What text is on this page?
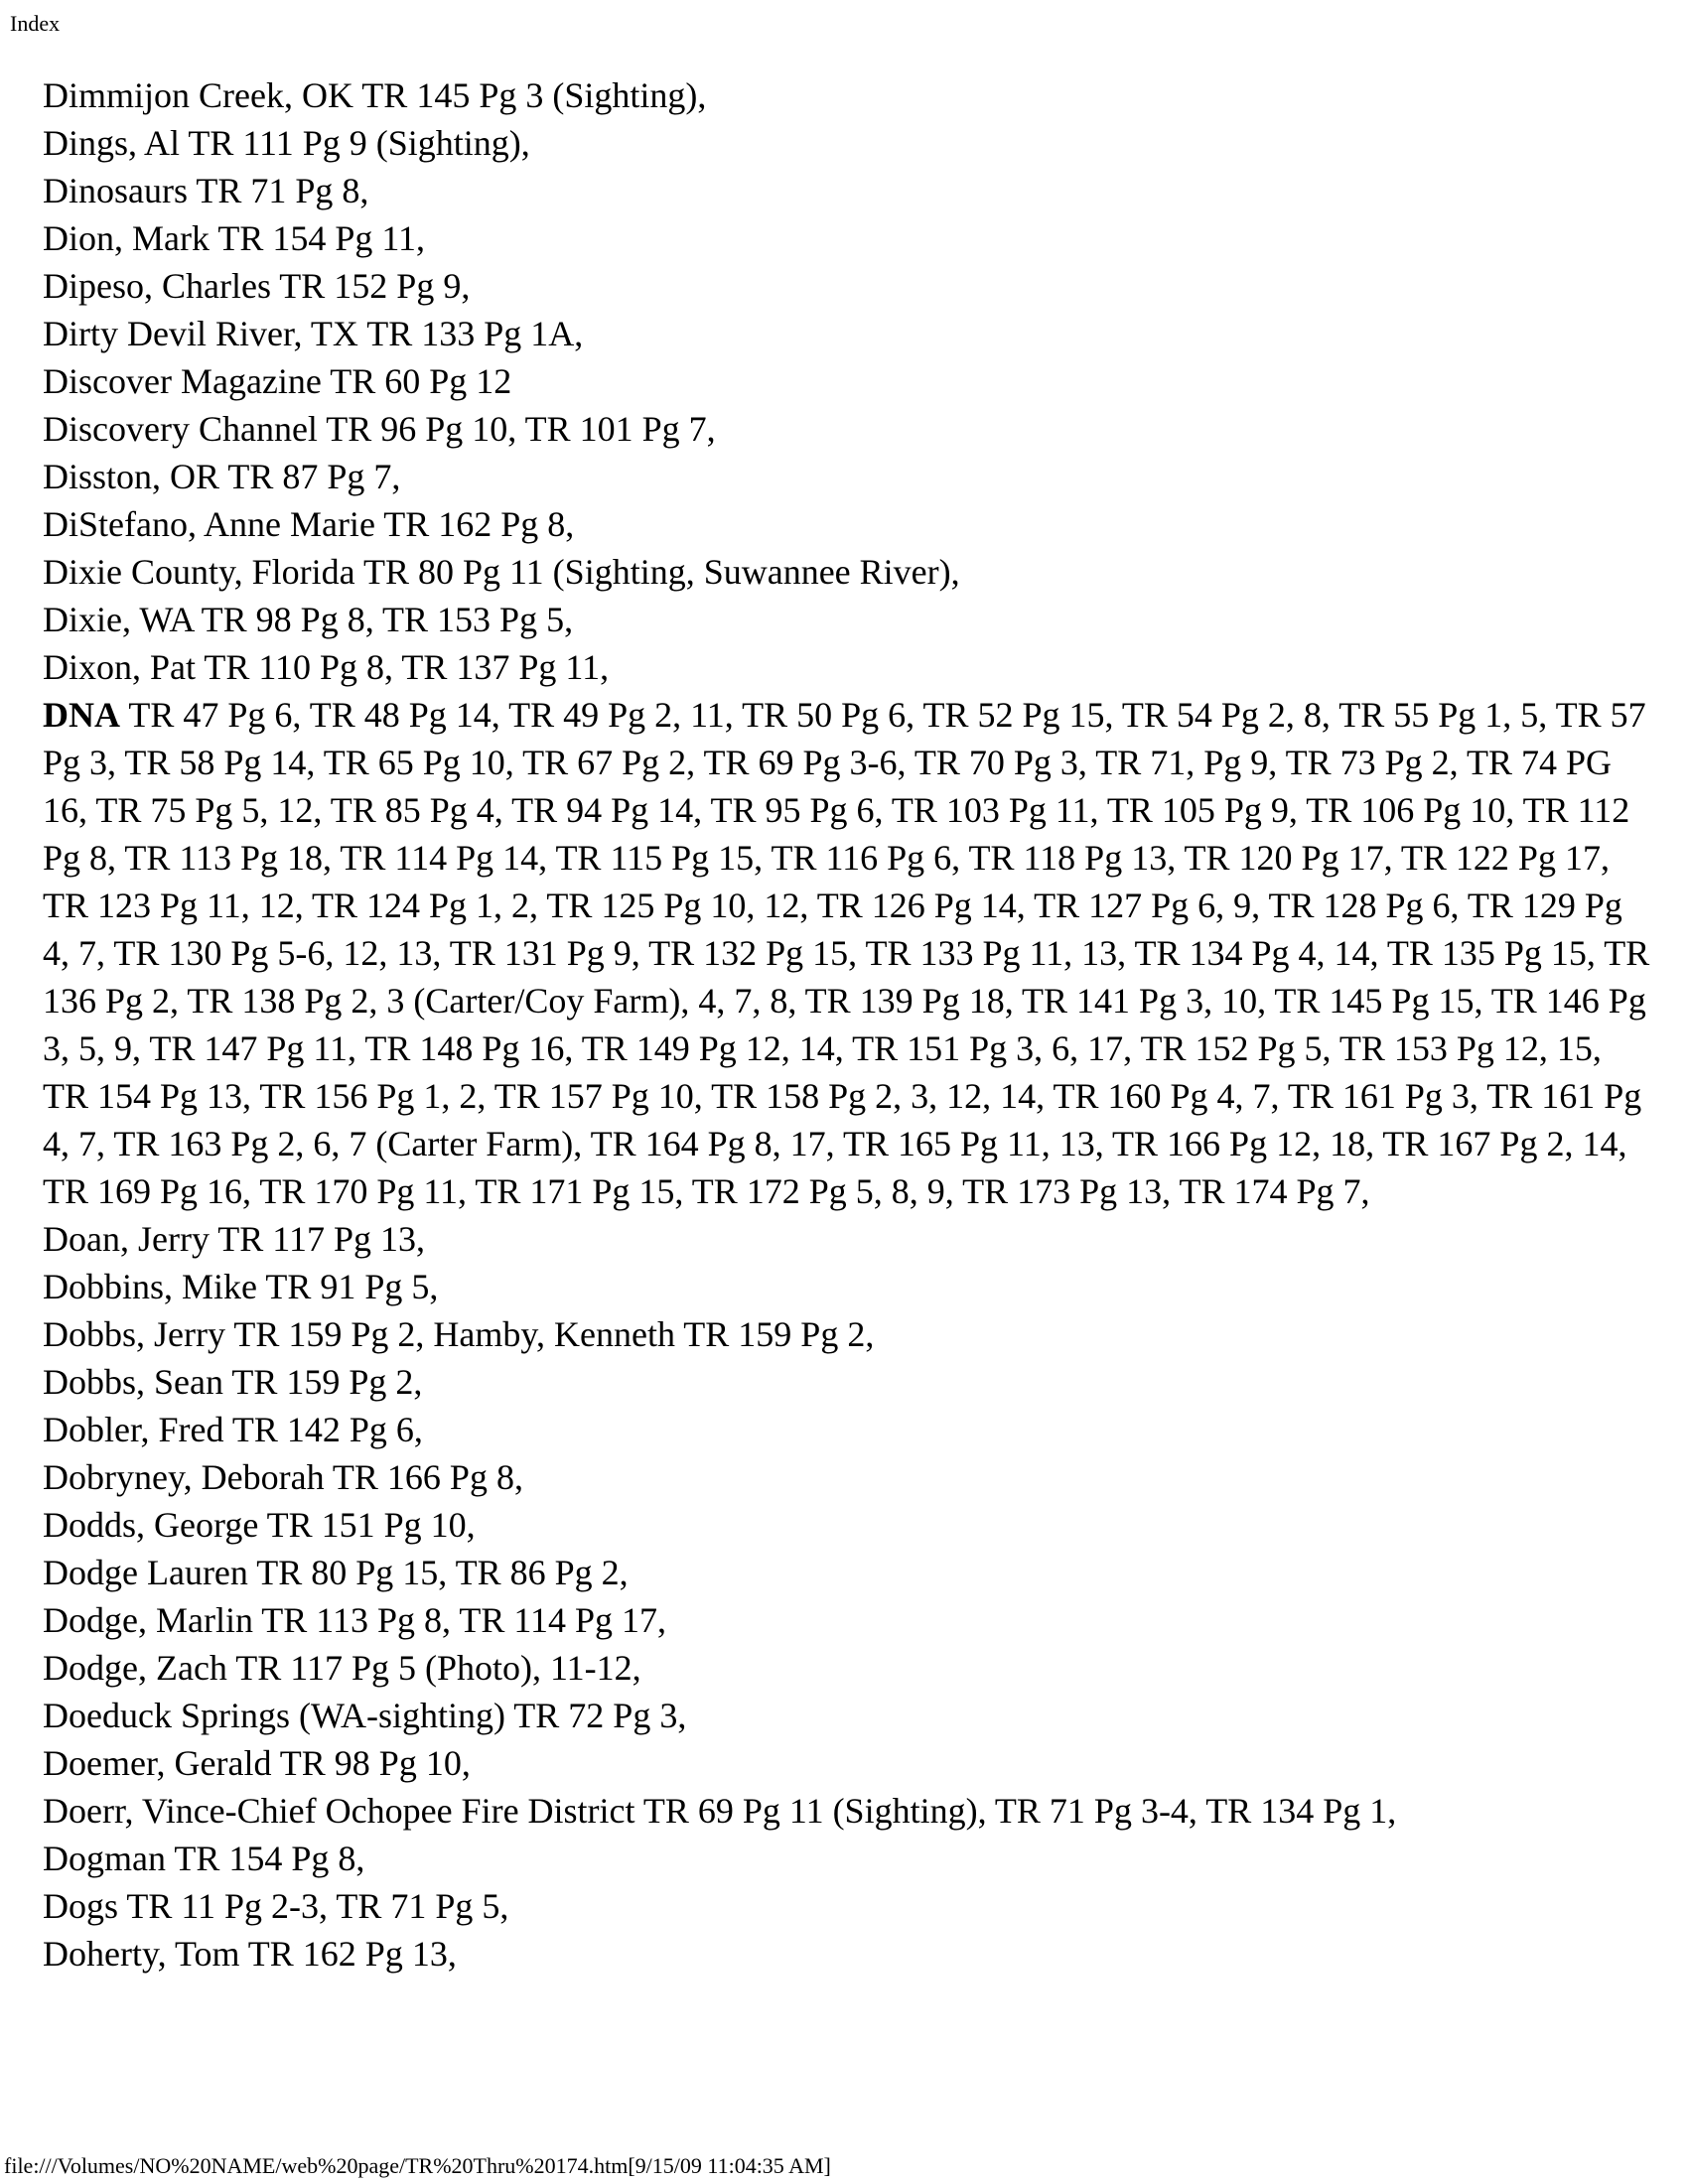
Index

Dimmijon Creek, OK TR 145 Pg 3 (Sighting),

Dings, Al TR 111 Pg 9 (Sighting),

Dinosaurs TR 71 Pg 8,

Dion, Mark TR 154 Pg 11,

Dipeso, Charles TR 152 Pg 9,

Dirty Devil River, TX TR 133 Pg 1A,

Discover Magazine TR 60 Pg 12

Discovery Channel TR 96 Pg 10, TR 101 Pg 7,

Disston, OR TR 87 Pg 7,

DiStefano, Anne Marie TR 162 Pg 8,

Dixie County, Florida TR 80 Pg 11 (Sighting, Suwannee River),

Dixie, WA TR 98 Pg 8, TR 153 Pg 5,

Dixon, Pat TR 110 Pg 8, TR 137 Pg 11,

DNA TR 47 Pg 6, TR 48 Pg 14, TR 49 Pg 2, 11, TR 50 Pg 6, TR 52 Pg 15, TR 54 Pg 2, 8, TR 55 Pg 1, 5, TR 57 Pg 3, TR 58 Pg 14, TR 65 Pg 10, TR 67 Pg 2, TR 69 Pg 3-6, TR 70 Pg 3, TR 71, Pg 9, TR 73 Pg 2, TR 74 PG 16, TR 75 Pg 5, 12, TR 85 Pg 4, TR 94 Pg 14, TR 95 Pg 6, TR 103 Pg 11, TR 105 Pg 9, TR 106 Pg 10, TR 112 Pg 8, TR 113 Pg 18, TR 114 Pg 14, TR 115 Pg 15, TR 116 Pg 6, TR 118 Pg 13, TR 120 Pg 17, TR 122 Pg 17, TR 123 Pg 11, 12, TR 124 Pg 1, 2, TR 125 Pg 10, 12, TR 126 Pg 14, TR 127 Pg 6, 9, TR 128 Pg 6, TR 129 Pg 4, 7, TR 130 Pg 5-6, 12, 13, TR 131 Pg 9, TR 132 Pg 15, TR 133 Pg 11, 13, TR 134 Pg 4, 14, TR 135 Pg 15, TR 136 Pg 2, TR 138 Pg 2, 3 (Carter/Coy Farm), 4, 7, 8, TR 139 Pg 18, TR 141 Pg 3, 10, TR 145 Pg 15, TR 146 Pg 3, 5, 9, TR 147 Pg 11, TR 148 Pg 16, TR 149 Pg 12, 14, TR 151 Pg 3, 6, 17, TR 152 Pg 5, TR 153 Pg 12, 15, TR 154 Pg 13, TR 156 Pg 1, 2, TR 157 Pg 10, TR 158 Pg 2, 3, 12, 14, TR 160 Pg 4, 7, TR 161 Pg 3, TR 161 Pg 4, 7, TR 163 Pg 2, 6, 7 (Carter Farm), TR 164 Pg 8, 17, TR 165 Pg 11, 13, TR 166 Pg 12, 18, TR 167 Pg 2, 14, TR 169 Pg 16, TR 170 Pg 11, TR 171 Pg 15, TR 172 Pg 5, 8, 9, TR 173 Pg 13, TR 174 Pg 7,

Doan, Jerry TR 117 Pg 13,

Dobbins, Mike TR 91 Pg 5,

Dobbs, Jerry TR 159 Pg 2, Hamby, Kenneth TR 159 Pg 2,

Dobbs, Sean TR 159 Pg 2,

Dobler, Fred TR 142 Pg 6,

Dobryney, Deborah TR 166 Pg 8,

Dodds, George TR 151 Pg 10,

Dodge Lauren TR 80 Pg 15, TR 86 Pg 2,

Dodge, Marlin TR 113 Pg 8, TR 114 Pg 17,

Dodge, Zach TR 117 Pg 5 (Photo), 11-12,

Doeduck Springs (WA-sighting) TR 72 Pg 3,

Doemer, Gerald TR 98 Pg 10,

Doerr, Vince-Chief Ochopee Fire District TR 69 Pg 11 (Sighting), TR 71 Pg 3-4, TR 134 Pg 1,

Dogman TR 154 Pg 8,

Dogs TR 11 Pg 2-3, TR 71 Pg 5,

Doherty, Tom TR 162 Pg 13,

file:///Volumes/NO%20NAME/web%20page/TR%20Thru%20174.htm[9/15/09 11:04:35 AM]
